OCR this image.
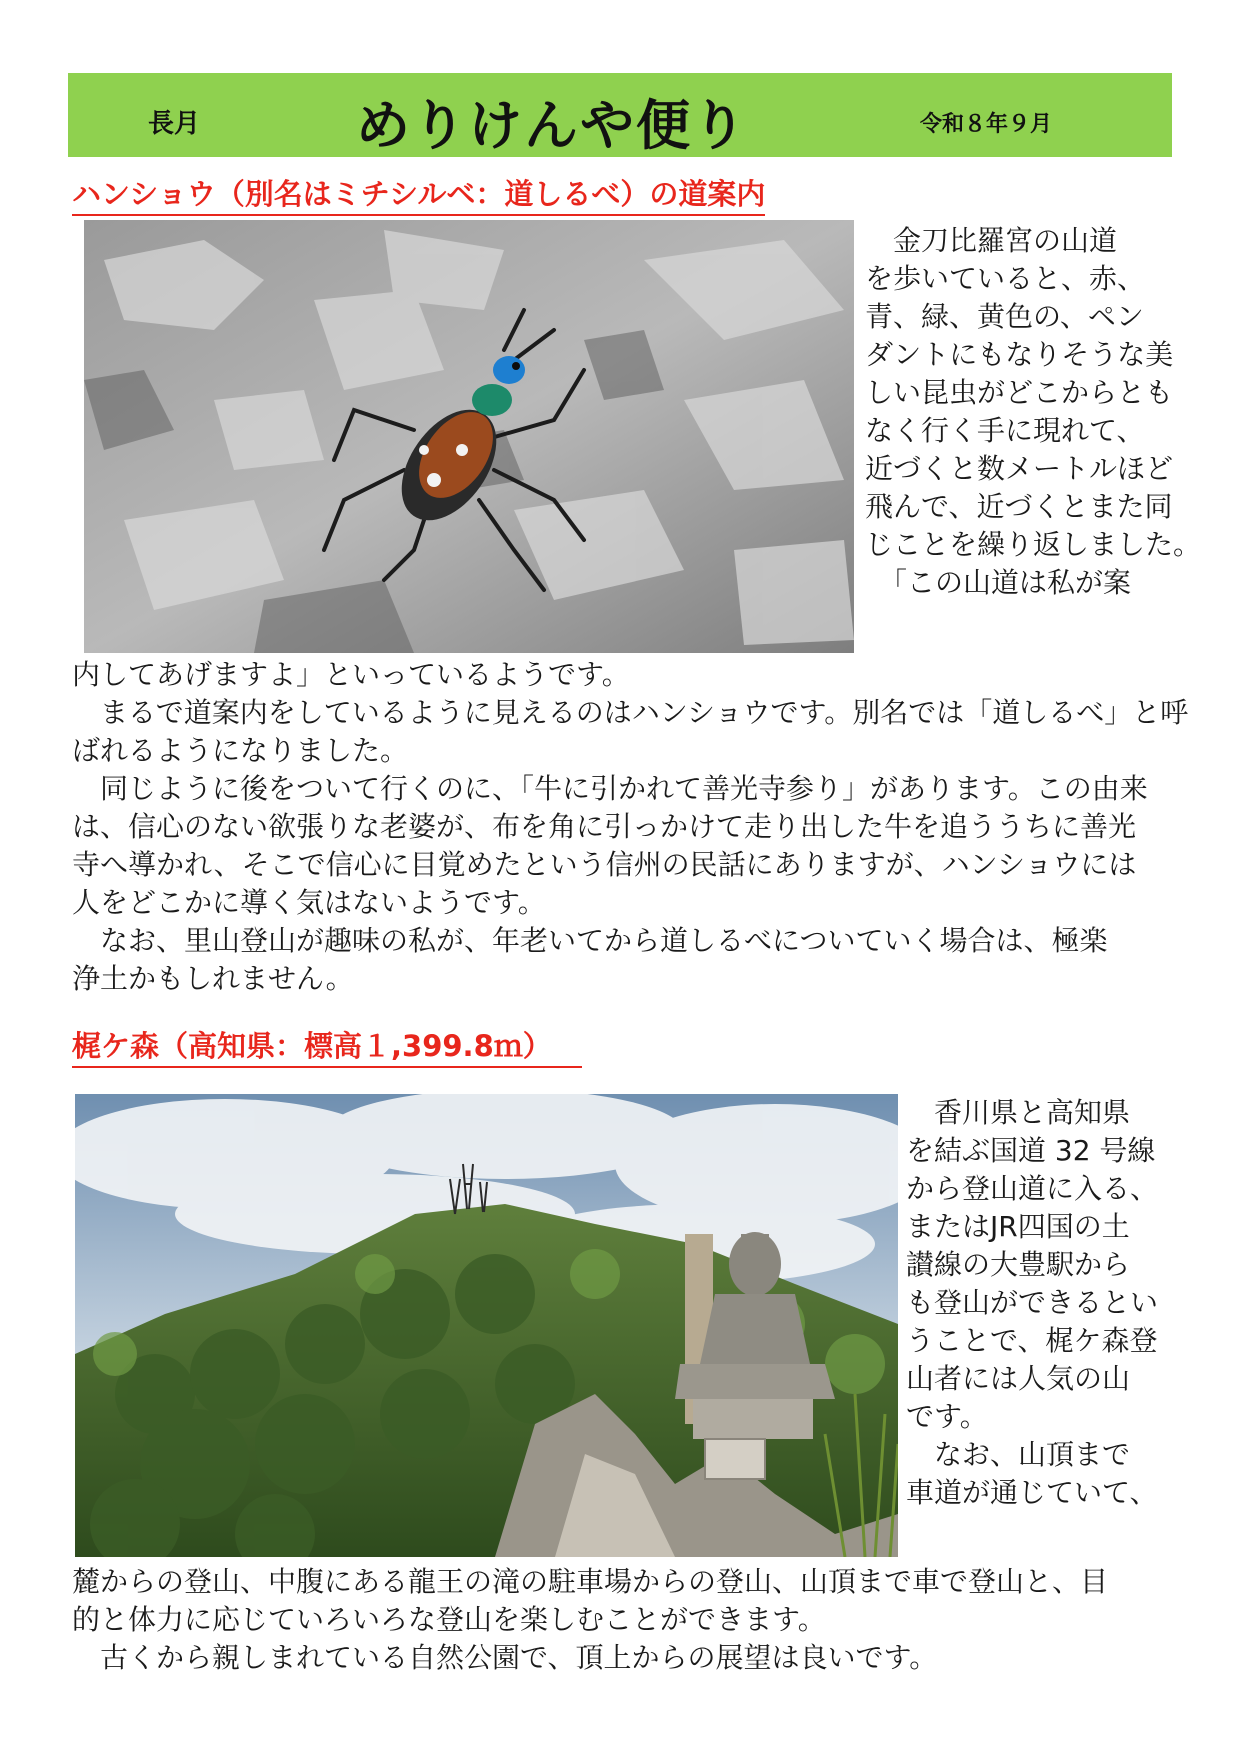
長月	めりけんや便り	令和８年９月
ハンショウ（別名はミチシルベ：道しるべ）の道案内
　金刀比羅宮の山道
を歩いていると、赤、
青、緑、黄色の、ペン
ダントにもなりそうな美
しい昆虫がどこからとも
なく行く手に現れて、
近づくと数メートルほど
飛んで、近づくとまた同
じことを繰り返しました。
　「この山道は私が案
内してあげますよ」といっているようです。
　まるで道案内をしているように見えるのはハンショウです。別名では「道しるべ」と呼
ばれるようになりました。
　同じように後をついて行くのに、「牛に引かれて善光寺参り」があります。この由来
は、信心のない欲張りな老婆が、布を角に引っかけて走り出した牛を追ううちに善光
寺へ導かれ、そこで信心に目覚めたという信州の民話にありますが、ハンショウには
人をどこかに導く気はないようです。
　なお、里山登山が趣味の私が、年老いてから道しるべについていく場合は、極楽
浄土かもしれません。
梶ケ森（高知県：標高１,399.8ｍ）
　香川県と高知県
を結ぶ国道 32 号線
から登山道に入る、
またはJR四国の土
讃線の大豊駅から
も登山ができるとい
うことで、梶ケ森登
山者には人気の山
です。
　なお、山頂まで
車道が通じていて、
麓からの登山、中腹にある龍王の滝の駐車場からの登山、山頂まで車で登山と、目
的と体力に応じていろいろな登山を楽しむことができます。
　古くから親しまれている自然公園で、頂上からの展望は良いです。
